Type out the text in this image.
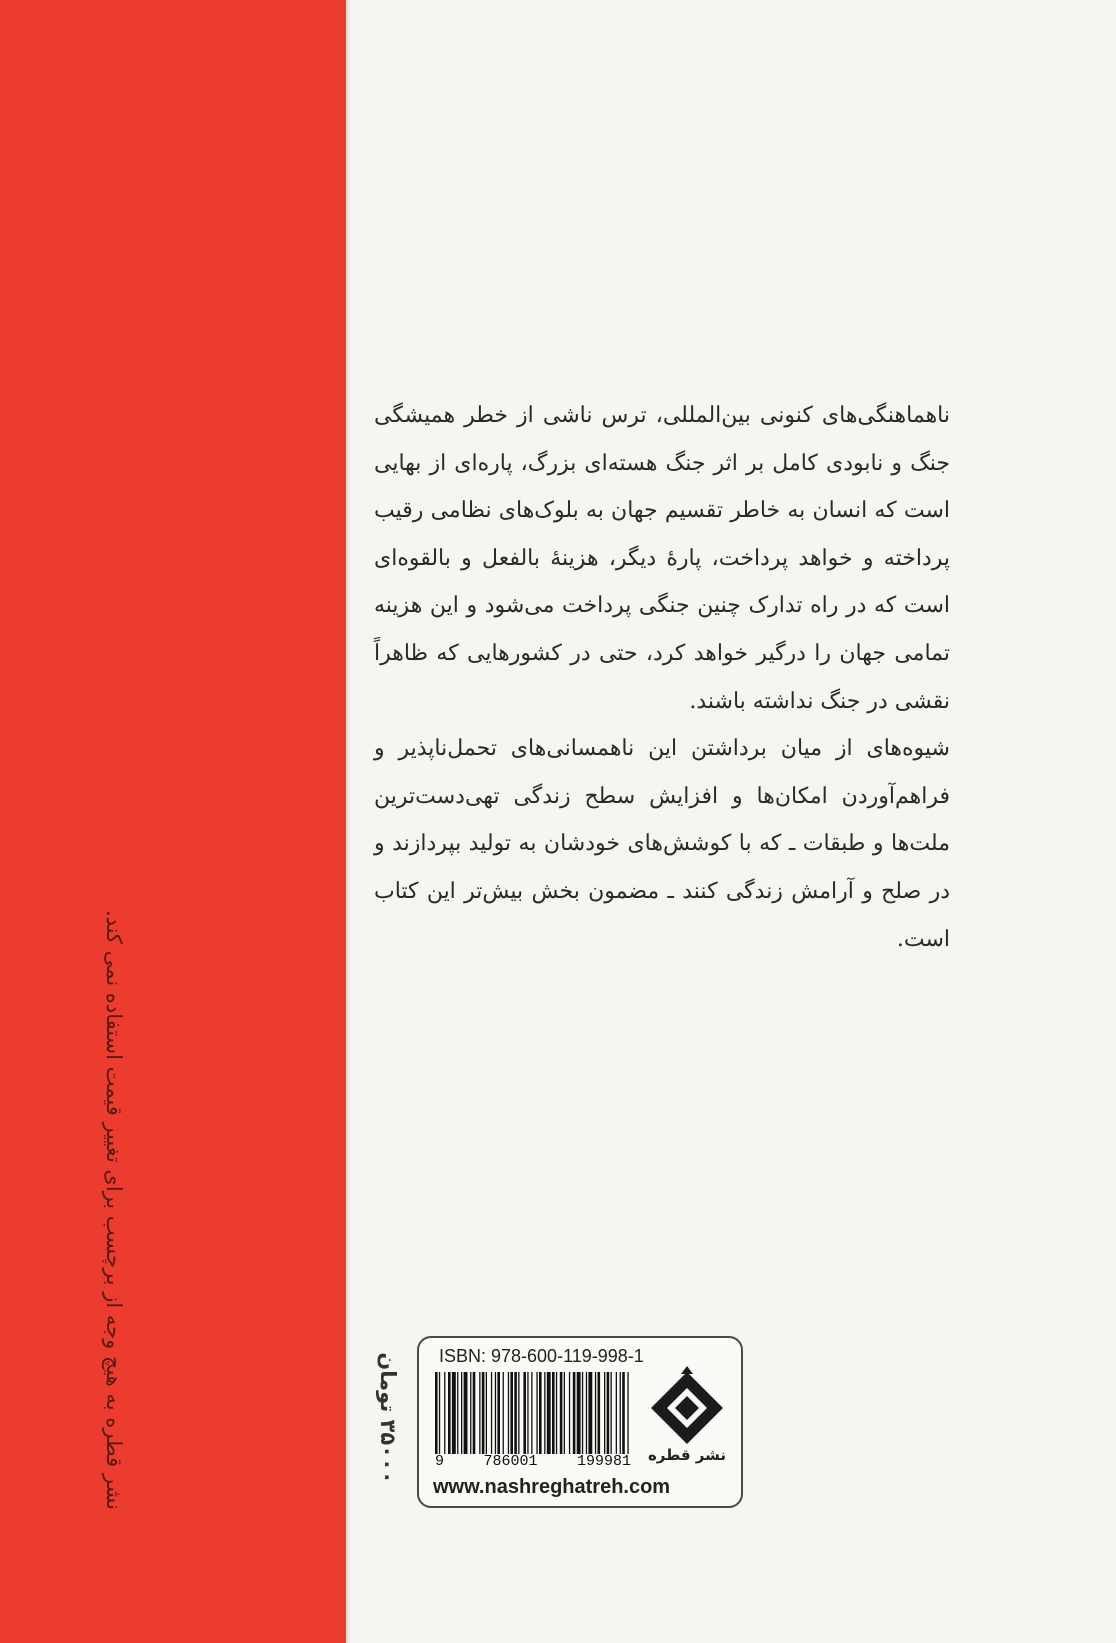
نشر قطره به هیچ وجه از برچسب برای تغییر قیمت استفاده نمی کند.

ناهماهنگی‌های کنونی بین‌المللی، ترس ناشی از خطر همیشگی جنگ و نابودی کامل بر اثر جنگ هسته‌ای بزرگ، پاره‌ای از بهایی است که انسان به خاطر تقسیم جهان به بلوک‌های نظامی رقیب پرداخته و خواهد پرداخت، پارهٔ دیگر، هزینهٔ بالفعل و بالقوه‌ای است که در راه تدارک چنین جنگی پرداخت می‌شود و این هزینه تمامی جهان را درگیر خواهد کرد، حتی در کشورهایی که ظاهراً نقشی در جنگ نداشته باشند.

شیوه‌های از میان برداشتن این ناهمسانی‌های تحمل‌ناپذیر و فراهم‌آوردن امکان‌ها و افزایش سطح زندگی تهی‌دست‌ترین ملت‌ها و طبقات ـ که با کوشش‌های خودشان به تولید بپردازند و در صلح و آرامش زندگی کنند ـ مضمون بخش بیش‌تر این کتاب است.

۳۵۰۰۰ تومان
ISBN: 978-600-119-998-1
9	786001	199981
www.nashreghatreh.com
نشر قطره
